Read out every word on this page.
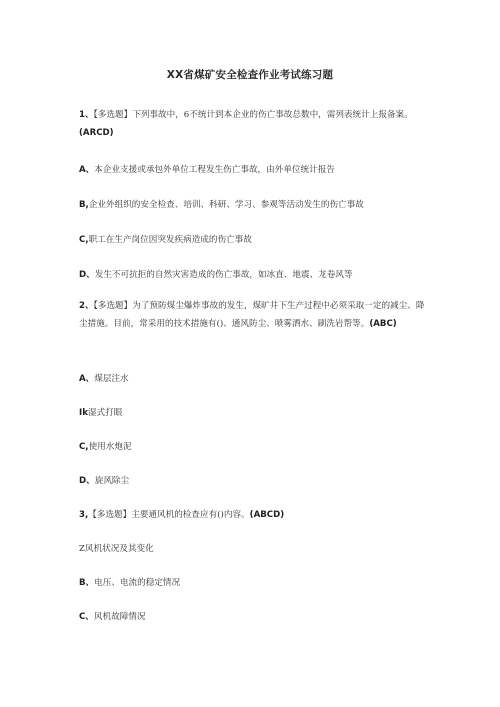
XX省煤矿安全检查作业考试练习题
1、【多选题】下列事故中，6不统计到本企业的伤亡事故总数中，需列表统计上报备案。(ARCD)
A、本企业支援或承包外单位工程发生伤亡事故，由外单位统计报告
B,企业外组织的安全检查、培训、科研、学习、参观等活动发生的伤亡事故
C,职工在生产岗位因突发疾病造成的伤亡事故
D、发生不可抗拒的自然灾害造成的伤亡事故，如冰直、地震、龙卷风等
2、【多选题】为了预防煤尘爆炸事故的发生，煤旷井下生产过程中必须采取一定的减尘、降尘措施。目前，常采用的技术措施有()、通风防尘、喷雾洒水、刷洗岩帮等。(ABC)
A、煤层注水
Ik湿式打眼
C,使用水炮泥
D、旋风除尘
3,【多选题】主要通风机的检查应有()内容。(ABCD)
Z风机状况及其变化
B、电压、电流的稳定情况
C、风机故障情况
